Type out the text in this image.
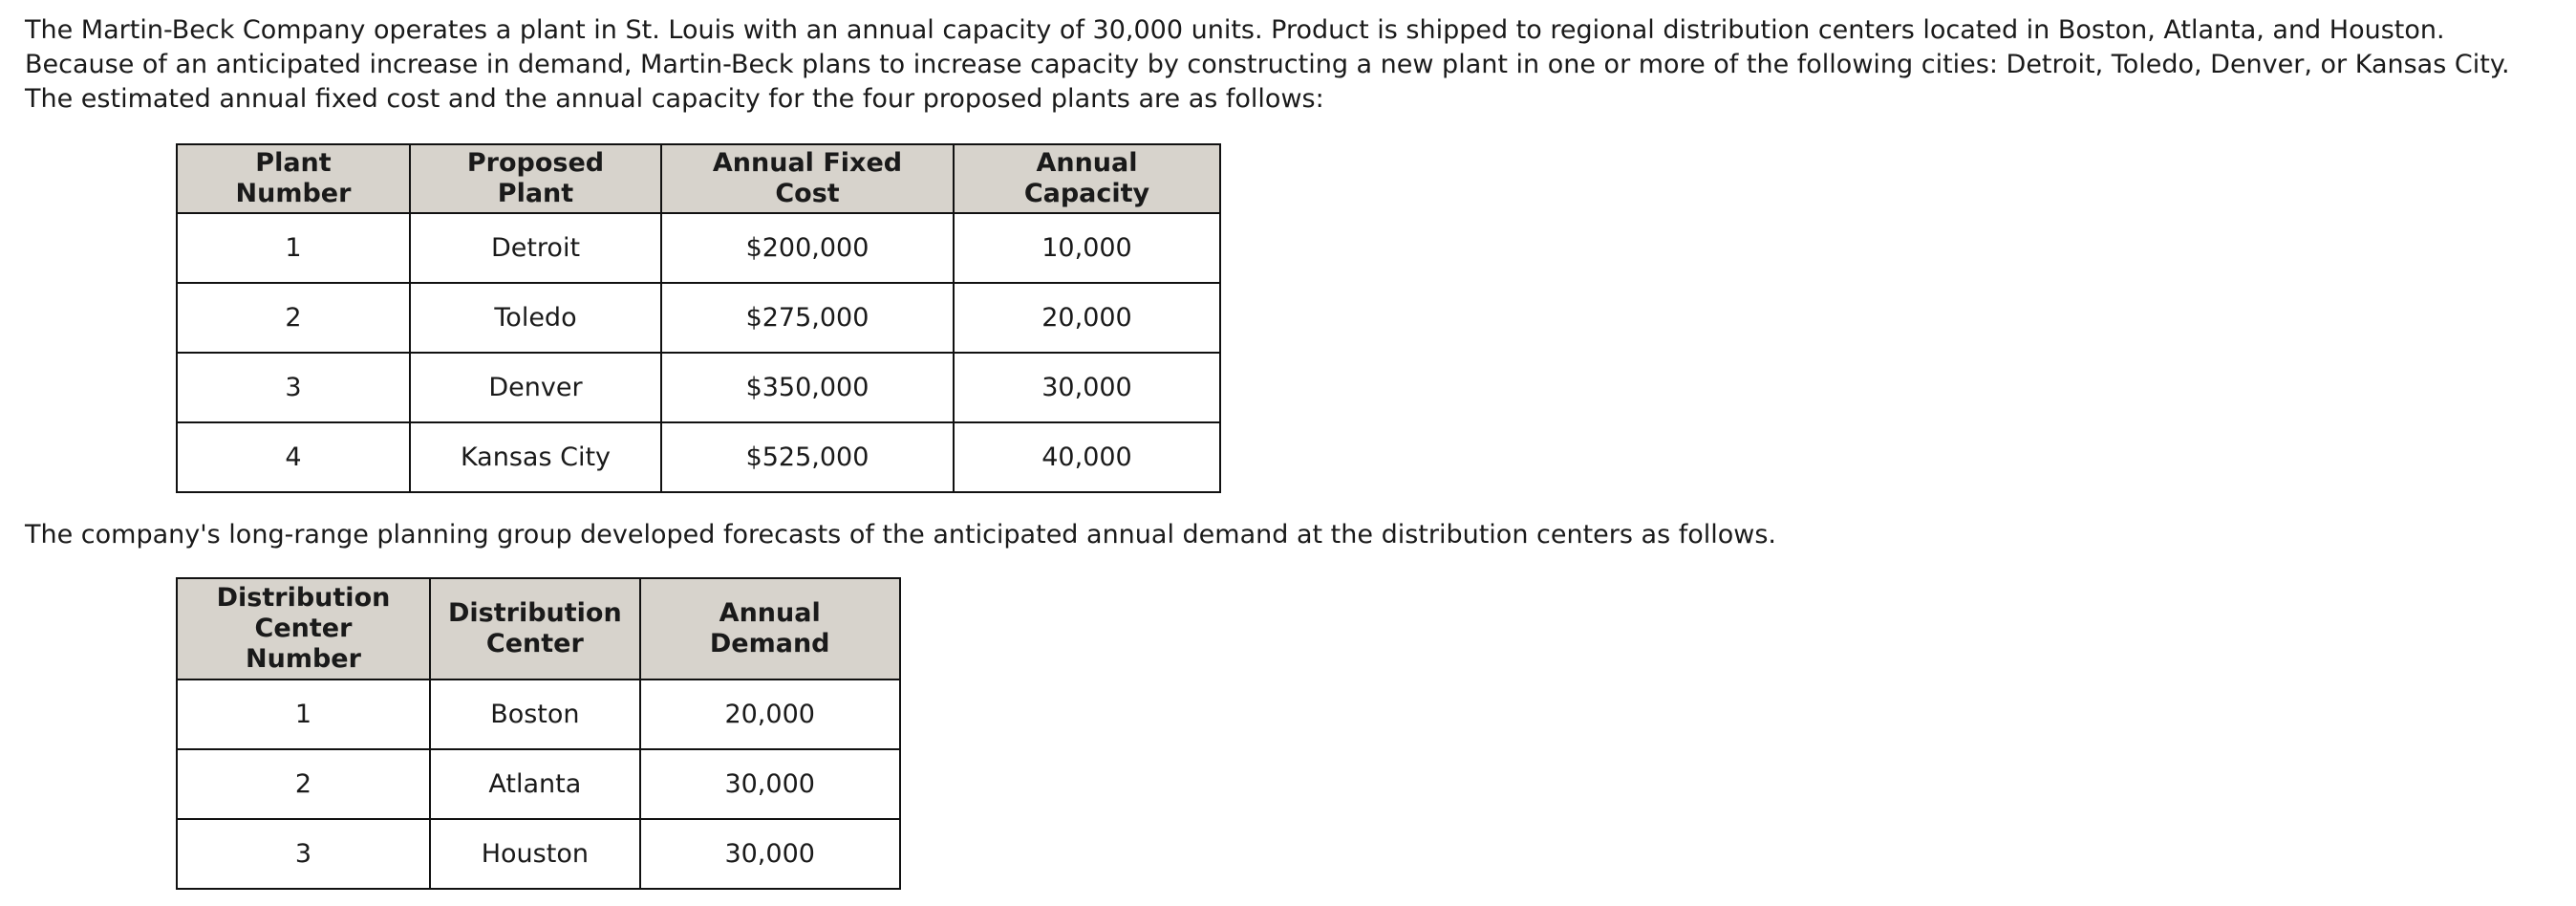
The Martin-Beck Company operates a plant in St. Louis with an annual capacity of 30,000 units. Product is shipped to regional distribution centers located in Boston, Atlanta, and Houston. Because of an anticipated increase in demand, Martin-Beck plans to increase capacity by constructing a new plant in one or more of the following cities: Detroit, Toledo, Denver, or Kansas City. The estimated annual fixed cost and the annual capacity for the four proposed plants are as follows:

Plant Number	Proposed Plant	Annual Fixed Cost	Annual Capacity
1	Detroit	$200,000	10,000
2	Toledo	$275,000	20,000
3	Denver	$350,000	30,000
4	Kansas City	$525,000	40,000

The company's long-range planning group developed forecasts of the anticipated annual demand at the distribution centers as follows.

Distribution Center Number	Distribution Center	Annual Demand
1	Boston	20,000
2	Atlanta	30,000
3	Houston	30,000
